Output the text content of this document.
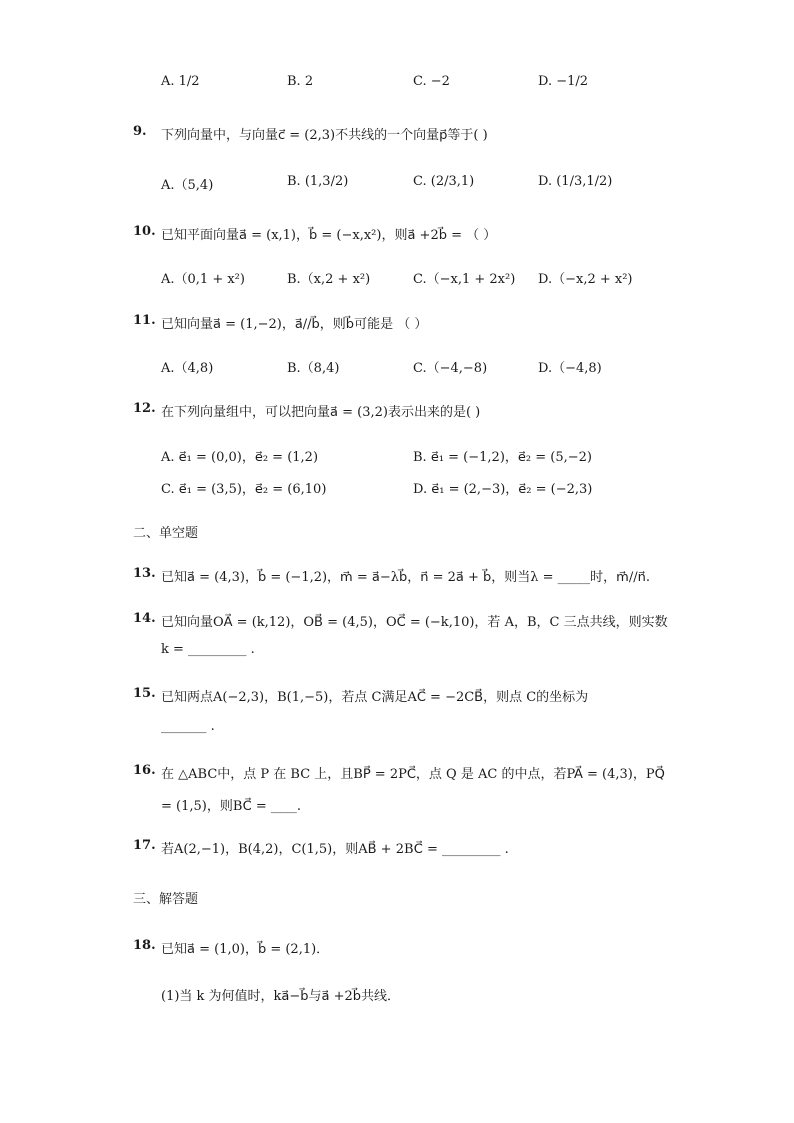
A. 1/2	B. 2	C. −2	D. −1/2
9. 下列向量中，与向量c⃗ = (2,3)不共线的一个向量p⃗等于( )
A.（5,4)	B. (1,3/2)	C. (2/3,1)	D. (1/3,1/2)
10. 已知平面向量a⃗ = (x,1)，b⃗ = (−x,x²)，则a⃗ +2b⃗ = （ ）
A.（0,1 + x²)	B.（x,2 + x²)	C.（−x,1 + 2x²) D.（−x,2 + x²)
11. 已知向量a⃗ = (1,−2)，a⃗//b⃗，则b⃗可能是 （ ）
A.（4,8)	B.（8,4)	C.（−4,−8)	D.（−4,8)
12. 在下列向量组中，可以把向量a⃗ = (3,2)表示出来的是( )
A. e⃗₁ = (0,0)，e⃗₂ = (1,2)	B. e⃗₁ = (−1,2)，e⃗₂ = (5,−2)
C. e⃗₁ = (3,5)，e⃗₂ = (6,10)	D. e⃗₁ = (2,−3)，e⃗₂ = (−2,3)
二、单空题
13. 已知a⃗ = (4,3)，b⃗ = (−1,2)，m⃗ = a⃗−λb⃗，n⃗ = 2a⃗ + b⃗，则当λ = _____时，m⃗//n⃗.
14. 已知向量OA⃗ = (k,12)，OB⃗ = (4,5)，OC⃗ = (−k,10)，若 A，B，C 三点共线，则实数
k = _________ .
15. 已知两点A(−2,3)，B(1,−5)，若点 C满足AC⃗ = −2CB⃗，则点 C的坐标为
_______ .
16. 在 △ABC中，点 P 在 BC 上，且BP⃗ = 2PC⃗，点 Q 是 AC 的中点，若PA⃗ = (4,3)，PQ⃗
= (1,5)，则BC⃗ = ____.
17. 若A(2,−1)，B(4,2)，C(1,5)，则AB⃗ + 2BC⃗ = _________ .
三、解答题
18. 已知a⃗ = (1,0)，b⃗ = (2,1)．
(1)当 k 为何值时，ka⃗−b⃗与a⃗ +2b⃗共线．
